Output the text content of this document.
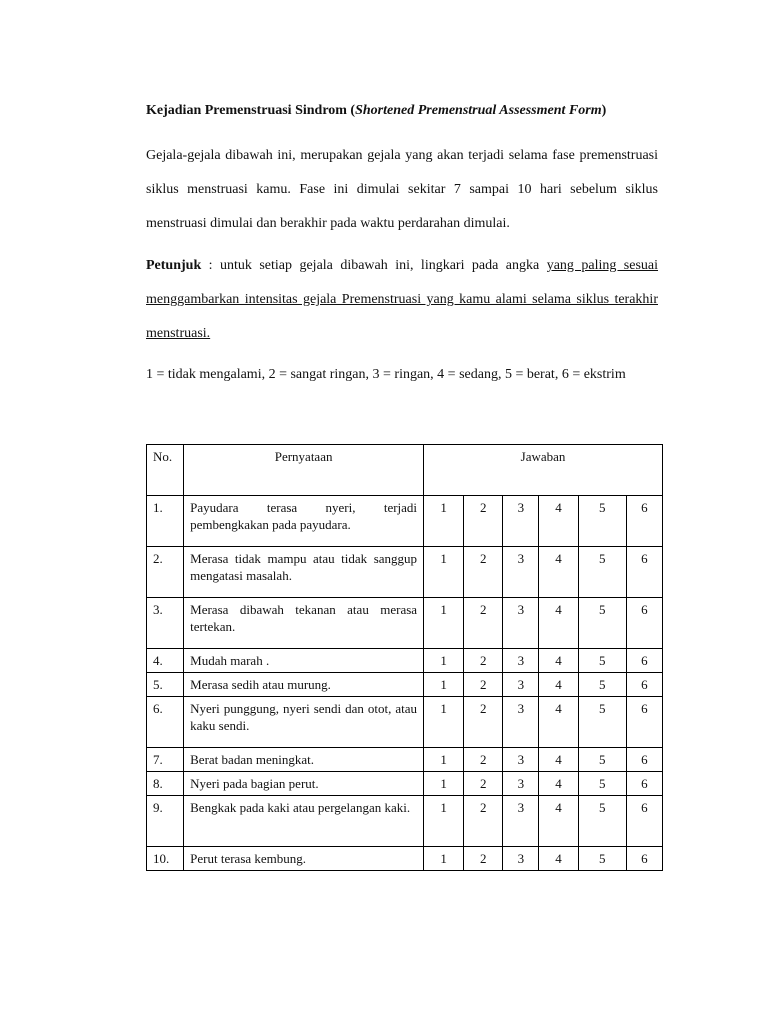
Kejadian Premenstruasi Sindrom (Shortened Premenstrual Assessment Form)
Gejala-gejala dibawah ini, merupakan gejala yang akan terjadi selama fase premenstruasi siklus menstruasi kamu. Fase ini dimulai sekitar 7 sampai 10 hari sebelum siklus menstruasi dimulai dan berakhir pada waktu perdarahan dimulai.
Petunjuk : untuk setiap gejala dibawah ini, lingkari pada angka yang paling sesuai menggambarkan intensitas gejala Premenstruasi yang kamu alami selama siklus terakhir menstruasi.
1 = tidak mengalami, 2 = sangat ringan, 3 = ringan, 4 = sedang, 5 = berat, 6 = ekstrim
No.	Pernyataan	Jawaban					
1.	Payudara terasa nyeri, terjadi pembengkakan pada payudara.	1	2	3	4	5	6
2.	Merasa tidak mampu atau tidak sanggup mengatasi masalah.	1	2	3	4	5	6
3.	Merasa dibawah tekanan atau merasa tertekan.	1	2	3	4	5	6
4.	Mudah marah .	1	2	3	4	5	6
5.	Merasa sedih atau murung.	1	2	3	4	5	6
6.	Nyeri punggung, nyeri sendi dan otot, atau kaku sendi.	1	2	3	4	5	6
7.	Berat badan meningkat.	1	2	3	4	5	6
8.	Nyeri pada bagian perut.	1	2	3	4	5	6
9.	Bengkak pada kaki atau pergelangan kaki.	1	2	3	4	5	6
10.	Perut terasa kembung.	1	2	3	4	5	6
